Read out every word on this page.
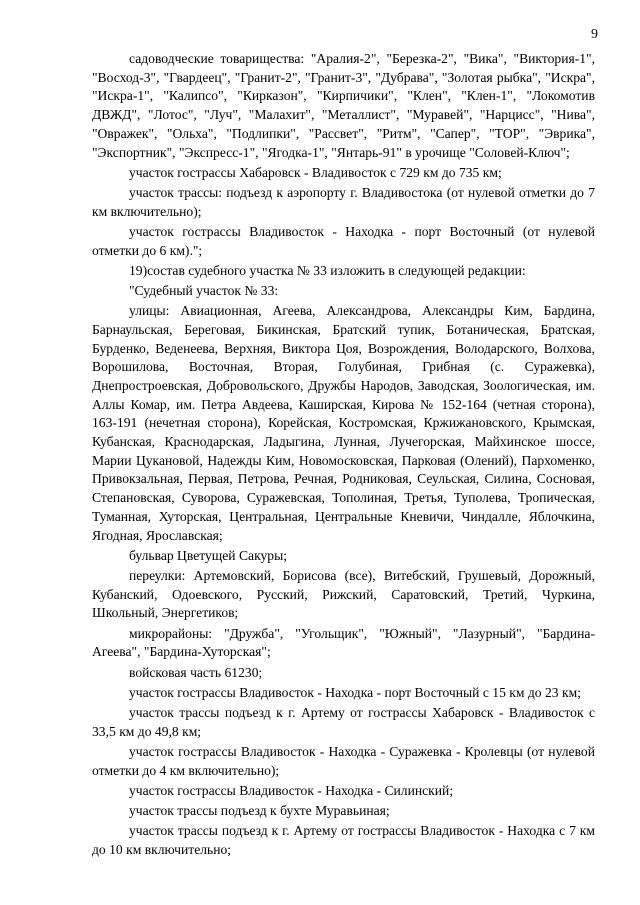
9

садоводческие товарищества: "Аралия-2", "Березка-2", "Вика", "Виктория-1", "Восход-3", "Гвардеец", "Гранит-2", "Гранит-3", "Дубрава", "Золотая рыбка", "Искра", "Искра-1", "Калипсо", "Кирказон", "Кирпичики", "Клен", "Клен-1", "Локомотив ДВЖД", "Лотос", "Луч", "Малахит", "Металлист", "Муравей", "Нарцисс", "Нива", "Овражек", "Ольха", "Подлипки", "Рассвет", "Ритм", "Сапер", "ТОР", "Эврика", "Экспортник", "Экспресс-1", "Ягодка-1", "Янтарь-91" в урочище "Соловей-Ключ";

участок гострассы Хабаровск - Владивосток с 729 км до 735 км;

участок трассы: подъезд к аэропорту г. Владивостока (от нулевой отметки до 7 км включительно);

участок гострассы Владивосток - Находка - порт Восточный (от нулевой отметки до 6 км).";

19)состав судебного участка № 33 изложить в следующей редакции:

"Судебный участок № 33:

улицы: Авиационная, Агеева, Александрова, Александры Ким, Бардина, Барнаульская, Береговая, Бикинская, Братский тупик, Ботаническая, Братская, Бурденко, Веденеева, Верхняя, Виктора Цоя, Возрождения, Володарского, Волхова, Ворошилова, Восточная, Вторая, Голубиная, Грибная (с. Суражевка), Днепростроевская, Добровольского, Дружбы Народов, Заводская, Зоологическая, им. Аллы Комар, им. Петра Авдеева, Каширская, Кирова № 152-164 (четная сторона), 163-191 (нечетная сторона), Корейская, Костромская, Кржижановского, Крымская, Кубанская, Краснодарская, Ладыгина, Лунная, Лучегорская, Майхинское шоссе, Марии Цукановой, Надежды Ким, Новомосковская, Парковая (Олений), Пархоменко, Привокзальная, Первая, Петрова, Речная, Родниковая, Сеульская, Силина, Сосновая, Степановская, Суворова, Суражевская, Тополиная, Третья, Туполева, Тропическая, Туманная, Хуторская, Центральная, Центральные Кневичи, Чиндалле, Яблочкина, Ягодная, Ярославская;

бульвар Цветущей Сакуры;

переулки: Артемовский, Борисова (все), Витебский, Грушевый, Дорожный, Кубанский, Одоевского, Русский, Рижский, Саратовский, Третий, Чуркина, Школьный, Энергетиков;

микрорайоны: "Дружба", "Угольщик", "Южный", "Лазурный", "Бардина-Агеева", "Бардина-Хуторская";

войсковая часть 61230;

участок гострассы Владивосток - Находка - порт Восточный с 15 км до 23 км;

участок трассы подъезд к г. Артему от гострассы Хабаровск - Владивосток с 33,5 км до 49,8 км;

участок гострассы Владивосток - Находка - Суражевка - Кролевцы (от нулевой отметки до 4 км включительно);

участок гострассы Владивосток - Находка - Силинский;

участок трассы подъезд к бухте Муравьиная;

участок трассы подъезд к г. Артему от гострассы Владивосток - Находка с 7 км до 10 км включительно;
